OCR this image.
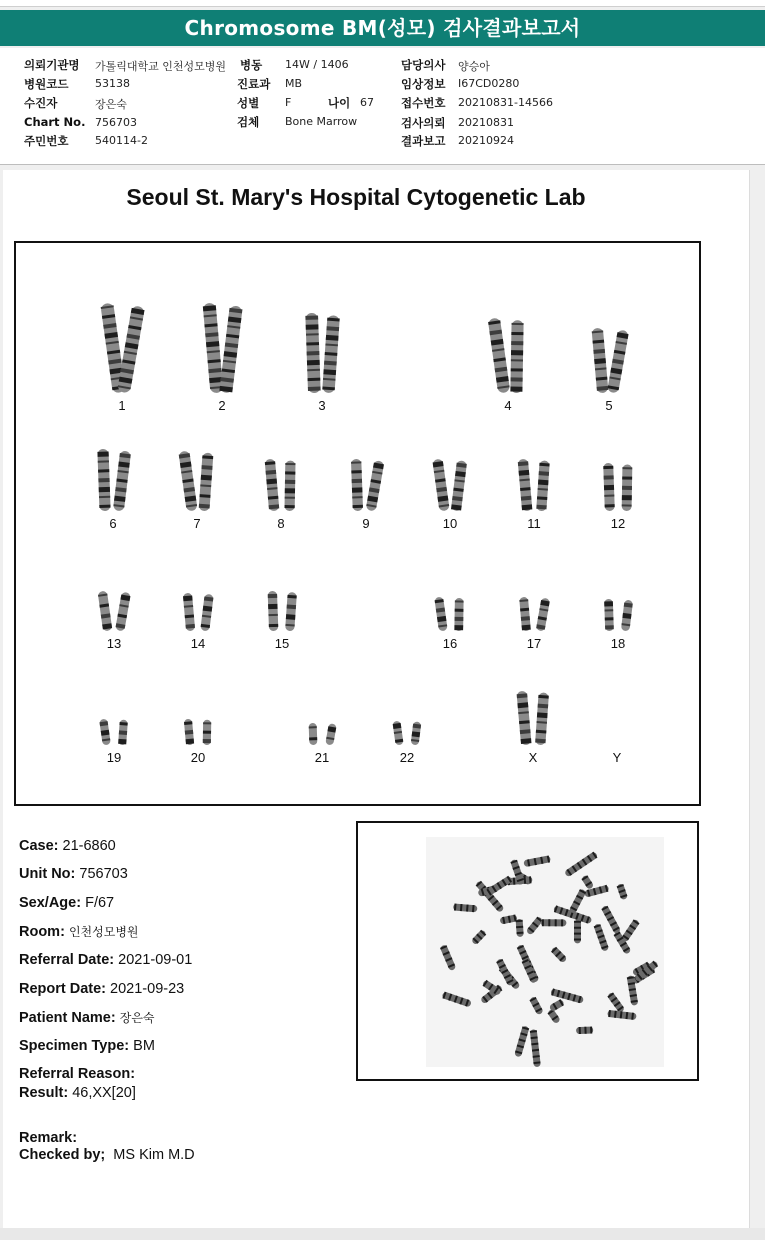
Chromosome BM(성모) 검사결과보고서
의뢰기관명 가톨릭대학교 인천성모병원 병동 14W / 1406	담당의사 양승아
병원코드 53138	진료과 MB	임상정보 I67CD0280
수진자	장은숙	성별 F	나이 67 접수번호 20210831-14566
Chart No. 756703	검체 Bone Marrow	검사의뢰 20210831
주민번호 540114-2	결과보고 20210924
Seoul St. Mary's Hospital Cytogenetic Lab
1	2	3	4	5
6	7	8	9	10	11	12
13	14	15	16	17	18
19	20	21	22	X	Y
Case: 21-6860
Unit No: 756703
Sex/Age: F/67
Room: 인천성모병원
Referral Date: 2021-09-01
Report Date: 2021-09-23
Patient Name: 장은숙
Specimen Type: BM
Referral Reason:
Result: 46,XX[20]
Remark:
Checked by; MS Kim M.D
